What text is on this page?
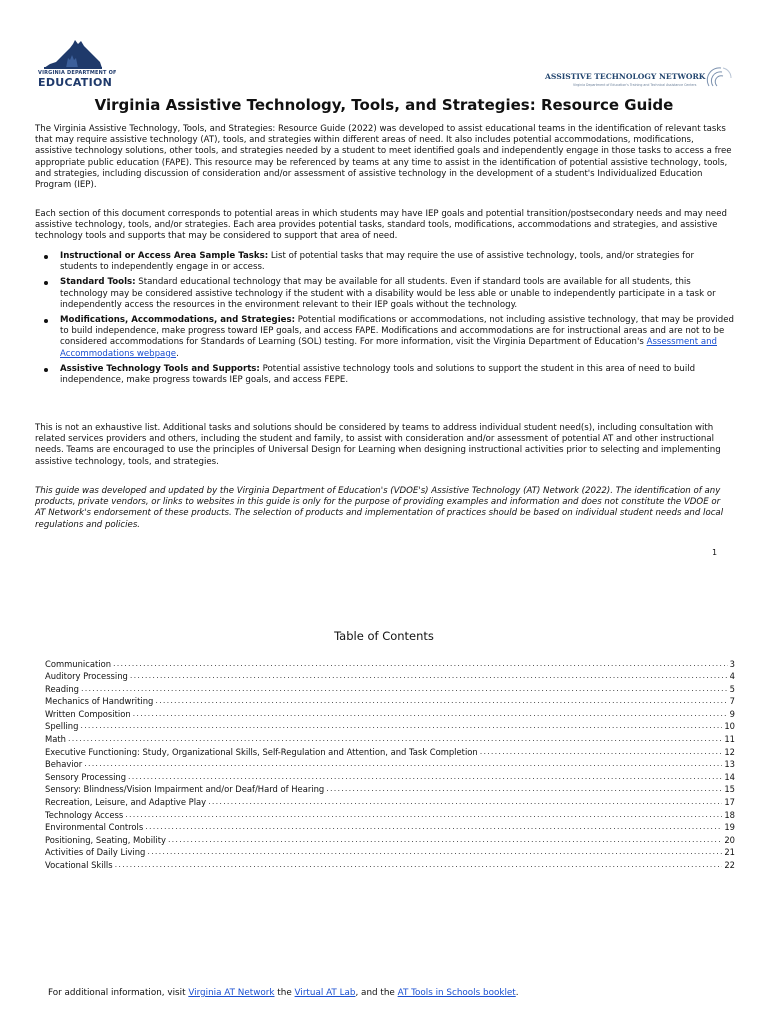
VIRGINIA DEPARTMENT OF
EDUCATION	ASSISTIVE TECHNOLOGY NETWORK
Virginia Department of Education's Training and Technical Assistance Centers
Virginia Assistive Technology, Tools, and Strategies: Resource Guide

The Virginia Assistive Technology, Tools, and Strategies: Resource Guide (2022) was developed to assist educational teams in the identification of relevant tasks that may require assistive technology (AT), tools, and strategies within different areas of need. It also includes potential accommodations, modifications, assistive technology solutions, other tools, and strategies needed by a student to meet identified goals and independently engage in those tasks to access a free appropriate public education (FAPE). This resource may be referenced by teams at any time to assist in the identification of potential assistive technology, tools, and strategies, including discussion of consideration and/or assessment of assistive technology in the development of a student's Individualized Education Program (IEP).

Each section of this document corresponds to potential areas in which students may have IEP goals and potential transition/postsecondary needs and may need assistive technology, tools, and/or strategies. Each area provides potential tasks, standard tools, modifications, accommodations and strategies, and assistive technology tools and supports that may be considered to support that area of need.

Instructional or Access Area Sample Tasks: List of potential tasks that may require the use of assistive technology, tools, and/or strategies for students to independently engage in or access.
Standard Tools: Standard educational technology that may be available for all students. Even if standard tools are available for all students, this technology may be considered assistive technology if the student with a disability would be less able or unable to independently participate in a task or independently access the resources in the environment relevant to their IEP goals without the technology.
Modifications, Accommodations, and Strategies: Potential modifications or accommodations, not including assistive technology, that may be provided to build independence, make progress toward IEP goals, and access FAPE. Modifications and accommodations are for instructional areas and are not to be considered accommodations for Standards of Learning (SOL) testing. For more information, visit the Virginia Department of Education's Assessment and Accommodations webpage.
Assistive Technology Tools and Supports: Potential assistive technology tools and solutions to support the student in this area of need to build independence, make progress towards IEP goals, and access FEPE.

This is not an exhaustive list. Additional tasks and solutions should be considered by teams to address individual student need(s), including consultation with related services providers and others, including the student and family, to assist with consideration and/or assessment of potential AT and other instructional needs. Teams are encouraged to use the principles of Universal Design for Learning when designing instructional activities prior to selecting and implementing assistive technology, tools, and strategies.

This guide was developed and updated by the Virginia Department of Education's (VDOE's) Assistive Technology (AT) Network (2022). The identification of any products, private vendors, or links to websites in this guide is only for the purpose of providing examples and information and does not constitute the VDOE or AT Network's endorsement of these products. The selection of products and implementation of practices should be based on individual student needs and local regulations and policies.

1
Table of Contents
Communication .....	3
Auditory Processing .....	4
Reading .....	5
Mechanics of Handwriting .....	7
Written Composition .....	9
Spelling .....	10
Math .....	11
Executive Functioning: Study, Organizational Skills, Self-Regulation and Attention, and Task Completion .....	12
Behavior .....	13
Sensory Processing .....	14
Sensory: Blindness/Vision Impairment and/or Deaf/Hard of Hearing .....	15
Recreation, Leisure, and Adaptive Play .....	17
Technology Access .....	18
Environmental Controls .....	19
Positioning, Seating, Mobility .....	20
Activities of Daily Living .....	21
Vocational Skills .....	22
For additional information, visit Virginia AT Network the Virtual AT Lab, and the AT Tools in Schools booklet.
